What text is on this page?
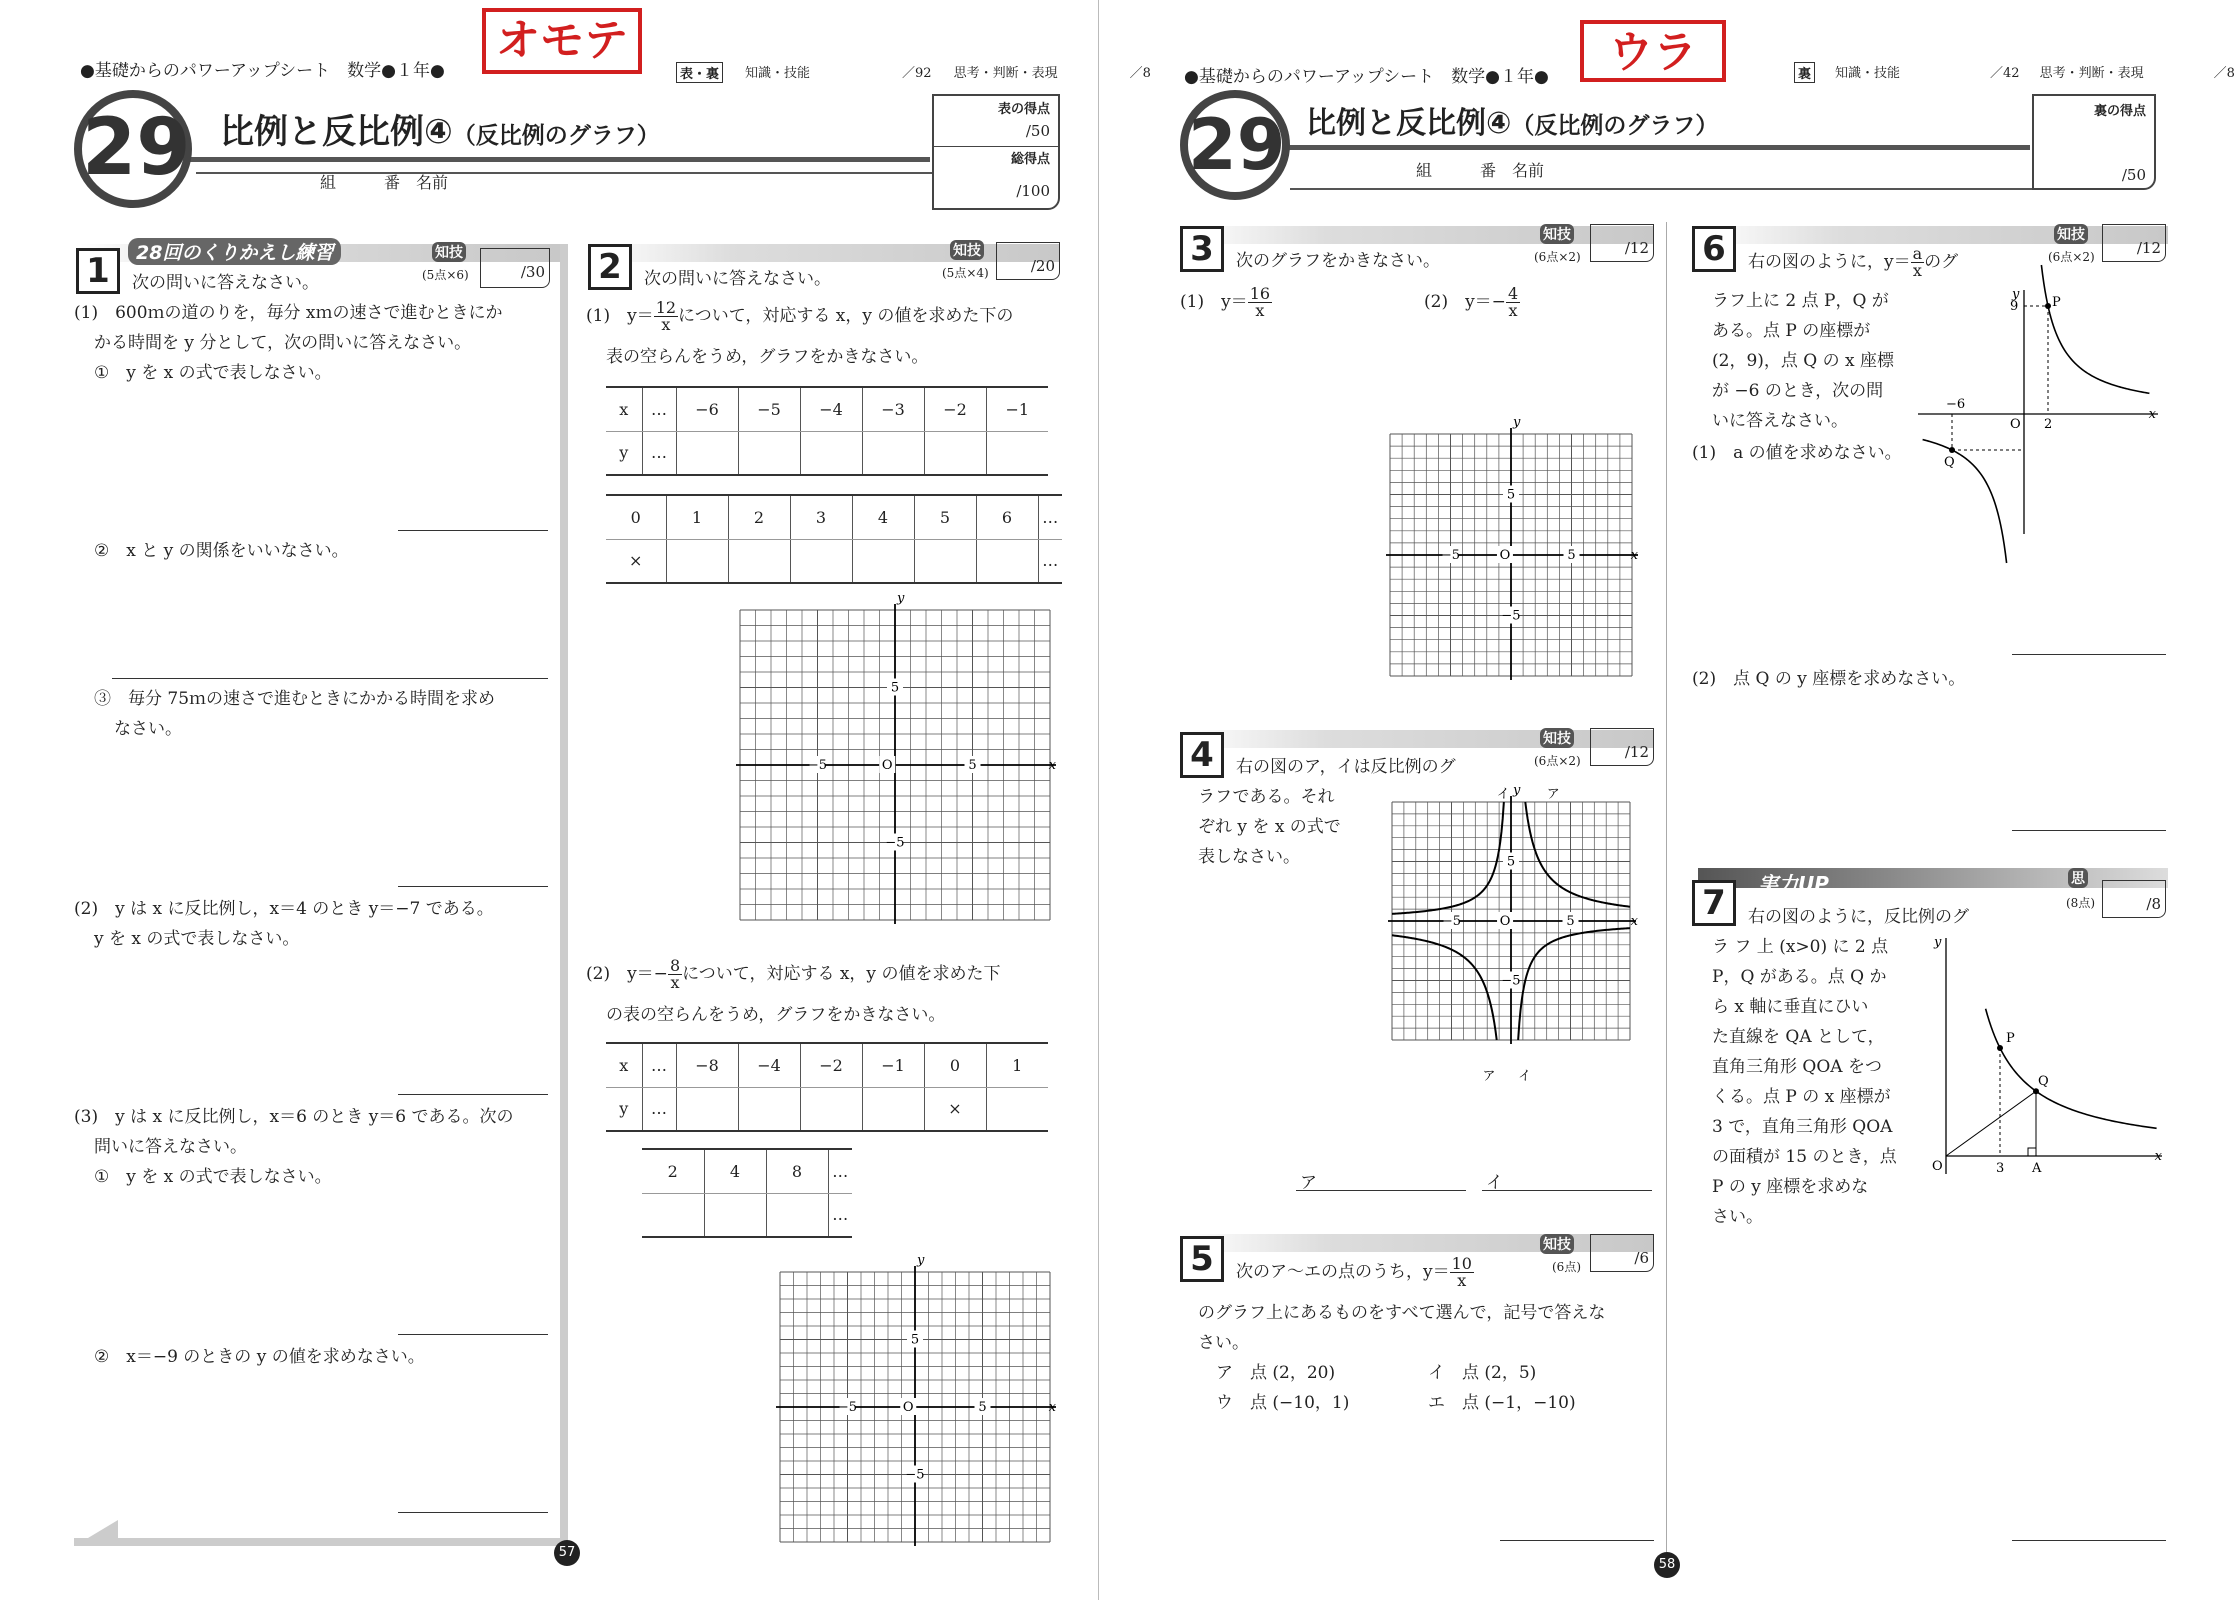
●基礎からのパワーアップシート　数学●１年●
オモテ
表・裏	知識・技能	／92 思考・判断・表現	／8
29 比例と反比例④（反比例のグラフ）
組　　　番　名前
表の得点
/50
総得点
/100
1	28回のくりかえし練習	知技
(5点×6)	/30
次の問いに答えなさい。
(1)　600ｍの道のりを，毎分 xｍの速さで進むときにか
かる時間を y 分として，次の問いに答えなさい。
①　y を x の式で表しなさい。
②　x と y の関係をいいなさい。
③　毎分 75ｍの速さで進むときにかかる時間を求め
なさい。
(2)　y は x に反比例し，x＝4 のとき y＝−7 である。
y を x の式で表しなさい。
(3)　y は x に反比例し，x＝6 のとき y＝6 である。次の
問いに答えなさい。
①　y を x の式で表しなさい。
②　x＝−9 のときの y の値を求めなさい。
2	知技
(5点×4)	/20
次の問いに答えなさい。
(1)　$y= \frac{12}{x}$ について，対応する x，y の値を求めた下の
表の空らんをうめ，グラフをかきなさい。
x	…	−6	−5	−4	−3	−2	−1
y	…						
0	1	2	3	4	5	6	…
×							…
5
−5
5
−5
O	x
y
(2)　$y=- \frac{8}{x}$ について，対応する x，y の値を求めた下
の表の空らんをうめ，グラフをかきなさい。
x	…	−8	−4	−2	−1	0	1
y	…					×	
2	4	8	…
			…
5
−5
5
−5
O	x
y
57
●基礎からのパワーアップシート　数学●１年●	ウラ	裏	知識・技能	／42 思考・判断・表現	／8
29 比例と反比例④（反比例のグラフ）
組　　　番　名前
裏の得点
/50
3	知技
(6点×2)	/12
次のグラフをかきなさい。
(1)　$y= \frac{16}{x}$	(2)　$y=- \frac{4}{x}$
5
−5
5
−5
O	x
y
4	知技
(6点×2)	/12
右の図のア，イは反比例のグ
ラフである。それ
ぞれ y を x の式で
表しなさい。
5
−5
5
−5
O	x
y ア
イ
ア イ
ア	イ
5	知技
(6点)	/6
次のア〜エの点のうち，$y= \frac{10}{x}$
のグラフ上にあるものをすべて選んで，記号で答えな
さい。
ア　点 (2，20)	イ　点 (2，5)
ウ　点 (−10，1)	エ　点 (−1，−10)
6	知技
(6点×2)	/12
右の図のように，$y= \frac{a}{x}$ のグ
ラフ上に 2 点 P，Q が
ある。点 P の座標が
(2，9)，点 Q の x 座標
が −6 のとき，次の問
いに答えなさい。
(1)　a の値を求めなさい。
P
Q
9
2
−6
O
x
y
(2)　点 Q の y 座標を求めなさい。
実力UP
7
思
(8点)	/8
右の図のように，反比例のグ
ラ フ 上 (x>0) に 2 点
P，Q がある。点 Q か
ら x 軸に垂直にひい
た直線を QA として，
直角三角形 QOA をつ
くる。点 P の x 座標が
3 で，直角三角形 QOA
の面積が 15 のとき，点
P の y 座標を求めな
さい。
P
Q
A
3
O
x
y
58
